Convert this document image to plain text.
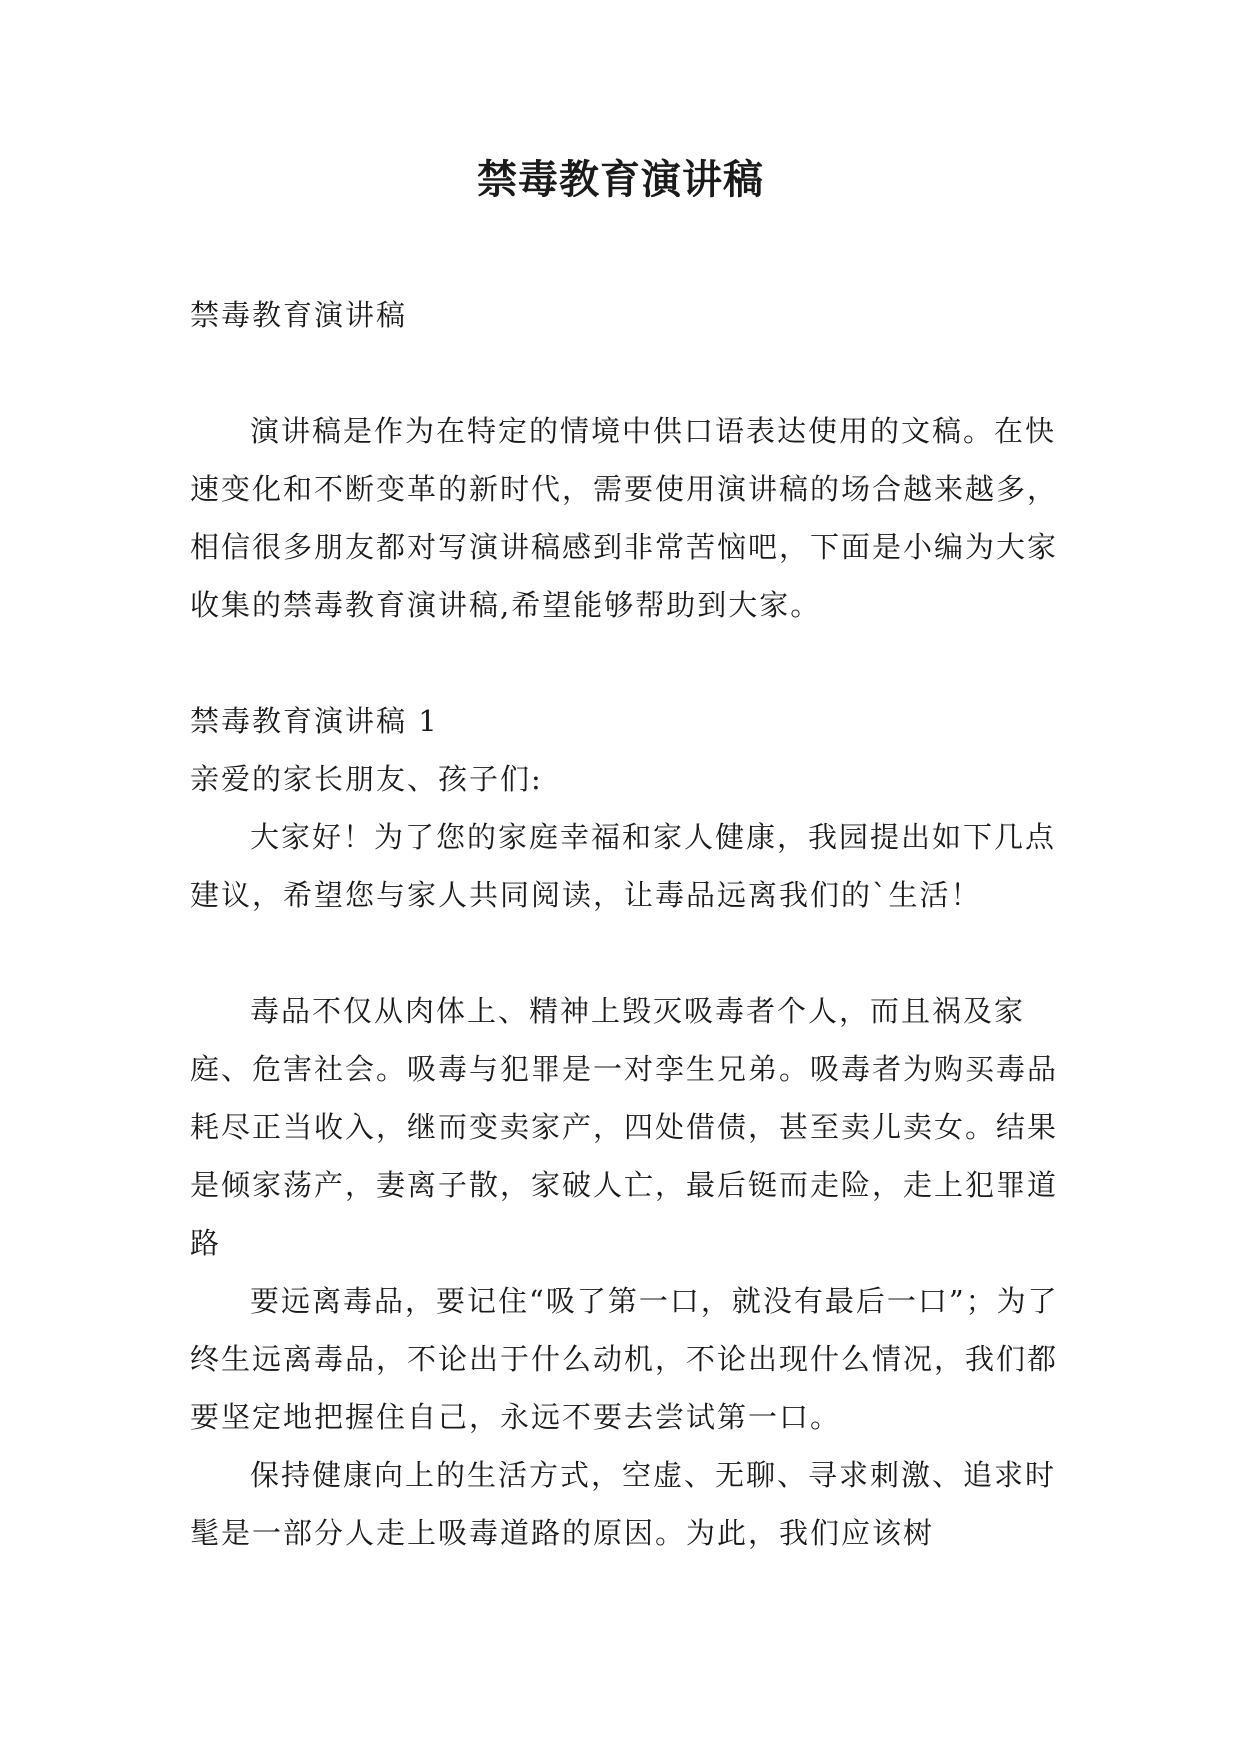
禁毒教育演讲稿

禁毒教育演讲稿

演讲稿是作为在特定的情境中供口语表达使用的文稿。在快速变化和不断变革的新时代，需要使用演讲稿的场合越来越多，相信很多朋友都对写演讲稿感到非常苦恼吧，下面是小编为大家收集的禁毒教育演讲稿,希望能够帮助到大家。

禁毒教育演讲稿 1

亲爱的家长朋友、孩子们:

大家好！为了您的家庭幸福和家人健康，我园提出如下几点建议，希望您与家人共同阅读，让毒品远离我们的`生活！

毒品不仅从肉体上、精神上毁灭吸毒者个人，而且祸及家庭、危害社会。吸毒与犯罪是一对孪生兄弟。吸毒者为购买毒品耗尽正当收入，继而变卖家产，四处借债，甚至卖儿卖女。结果是倾家荡产，妻离子散，家破人亡，最后铤而走险，走上犯罪道路

要远离毒品，要记住“吸了第一口，就没有最后一口”；为了终生远离毒品，不论出于什么动机，不论出现什么情况，我们都要坚定地把握住自己，永远不要去尝试第一口。

保持健康向上的生活方式，空虚、无聊、寻求刺激、追求时髦是一部分人走上吸毒道路的原因。为此，我们应该树
